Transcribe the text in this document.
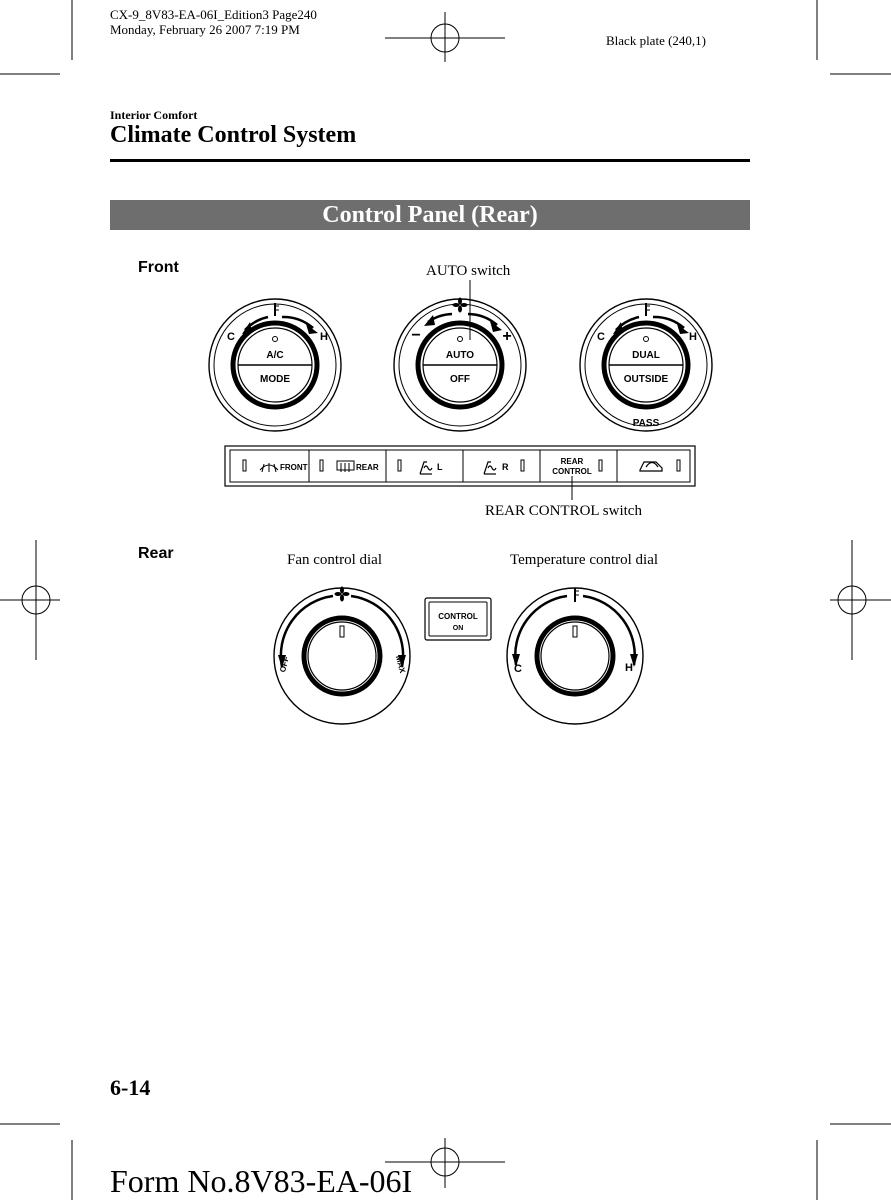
CX-9_8V83-EA-06I_Edition3 Page240
Monday, February 26 2007 7:19 PM
Black plate (240,1)
Interior Comfort
Climate Control System
Control Panel (Rear)
Front	AUTO switch
REAR CONTROL switch
Rear	Fan control dial	Temperature control dial
6-14
Form No.8V83-EA-06I
C	H
A/C
MODE
−	+
AUTO
OFF
C	H
DUAL
OUTSIDE
PASS
FRONT	REAR	L	R
REAR
CONTROL
OFF	MAX
CONTROL
ON
C	H
